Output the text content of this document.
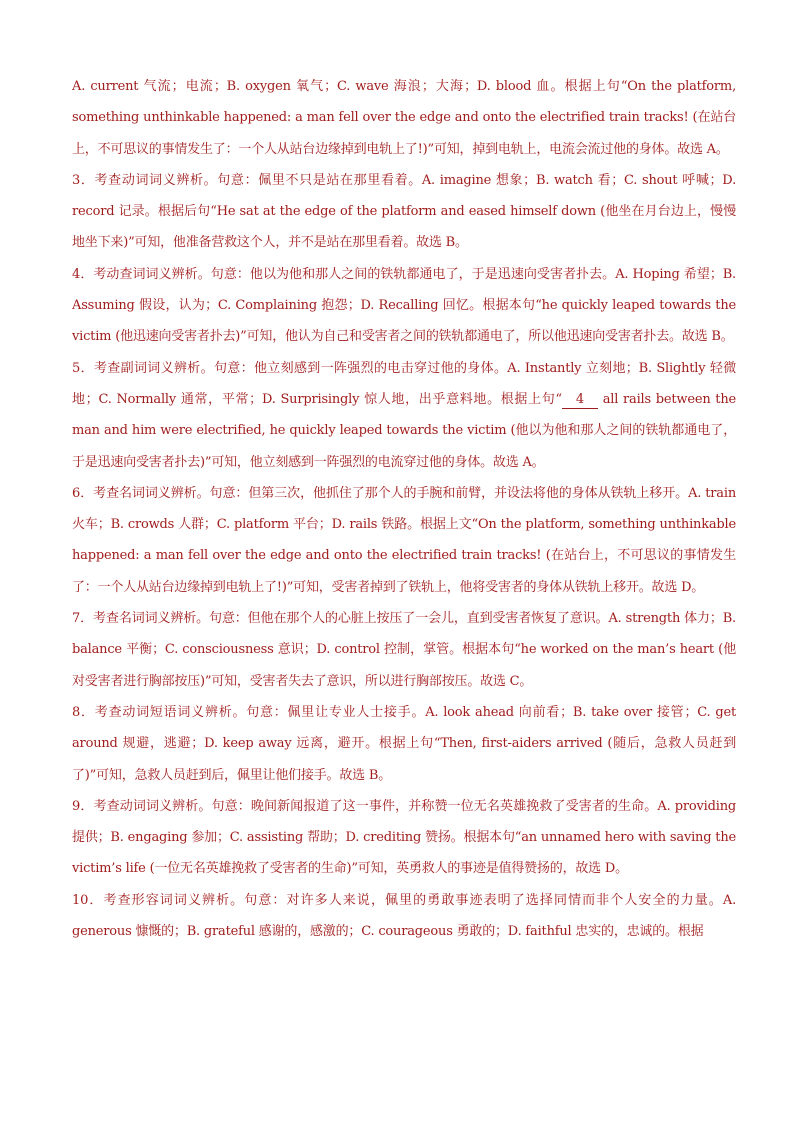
A. current 气流；电流；B. oxygen 氧气；C. wave 海浪；大海；D. blood 血。根据上句“On the platform, something unthinkable happened: a man fell over the edge and onto the electrified train tracks! (在站台上，不可思议的事情发生了：一个人从站台边缘掉到电轨上了!)”可知，掉到电轨上，电流会流过他的身体。故选 A。

3．考查动词词义辨析。句意：佩里不只是站在那里看着。A. imagine 想象；B. watch 看；C. shout 呼喊；D. record 记录。根据后句“He sat at the edge of the platform and eased himself down (他坐在月台边上，慢慢地坐下来)”可知，他准备营救这个人，并不是站在那里看着。故选 B。

4．考动查词词义辨析。句意：他以为他和那人之间的铁轨都通电了，于是迅速向受害者扑去。A. Hoping 希望；B. Assuming 假设，认为；C. Complaining 抱怨；D. Recalling 回忆。根据本句“he quickly leaped towards the victim (他迅速向受害者扑去)”可知，他认为自己和受害者之间的铁轨都通电了，所以他迅速向受害者扑去。故选 B。

5．考查副词词义辨析。句意：他立刻感到一阵强烈的电击穿过他的身体。A. Instantly 立刻地；B. Slightly 轻微地；C. Normally 通常，平常；D. Surprisingly 惊人地，出乎意料地。根据上句“ 4 all rails between the man and him were electrified, he quickly leaped towards the victim (他以为他和那人之间的铁轨都通电了，于是迅速向受害者扑去)”可知，他立刻感到一阵强烈的电流穿过他的身体。故选 A。

6．考查名词词义辨析。句意：但第三次，他抓住了那个人的手腕和前臂，并设法将他的身体从铁轨上移开。A. train 火车；B. crowds 人群；C. platform 平台；D. rails 铁路。根据上文“On the platform, something unthinkable happened: a man fell over the edge and onto the electrified train tracks! (在站台上，不可思议的事情发生了：一个人从站台边缘掉到电轨上了!)”可知，受害者掉到了铁轨上，他将受害者的身体从铁轨上移开。故选 D。

7．考查名词词义辨析。句意：但他在那个人的心脏上按压了一会儿，直到受害者恢复了意识。A. strength 体力；B. balance 平衡；C. consciousness 意识；D. control 控制，掌管。根据本句“he worked on the man’s heart (他对受害者进行胸部按压)”可知，受害者失去了意识，所以进行胸部按压。故选 C。

8．考查动词短语词义辨析。句意：佩里让专业人士接手。A. look ahead 向前看；B. take over 接管；C. get around 规避，逃避；D. keep away 远离，避开。根据上句“Then, first-aiders arrived (随后，急救人员赶到了)”可知，急救人员赶到后，佩里让他们接手。故选 B。

9．考查动词词义辨析。句意：晚间新闻报道了这一事件，并称赞一位无名英雄挽救了受害者的生命。A. providing 提供；B. engaging 参加；C. assisting 帮助；D. crediting 赞扬。根据本句“an unnamed hero with saving the victim’s life (一位无名英雄挽救了受害者的生命)”可知，英勇救人的事迹是值得赞扬的，故选 D。

10．考查形容词词义辨析。句意：对许多人来说，佩里的勇敢事迹表明了选择同情而非个人安全的力量。A. generous 慷慨的；B. grateful 感谢的，感激的；C. courageous 勇敢的；D. faithful 忠实的，忠诚的。根据
